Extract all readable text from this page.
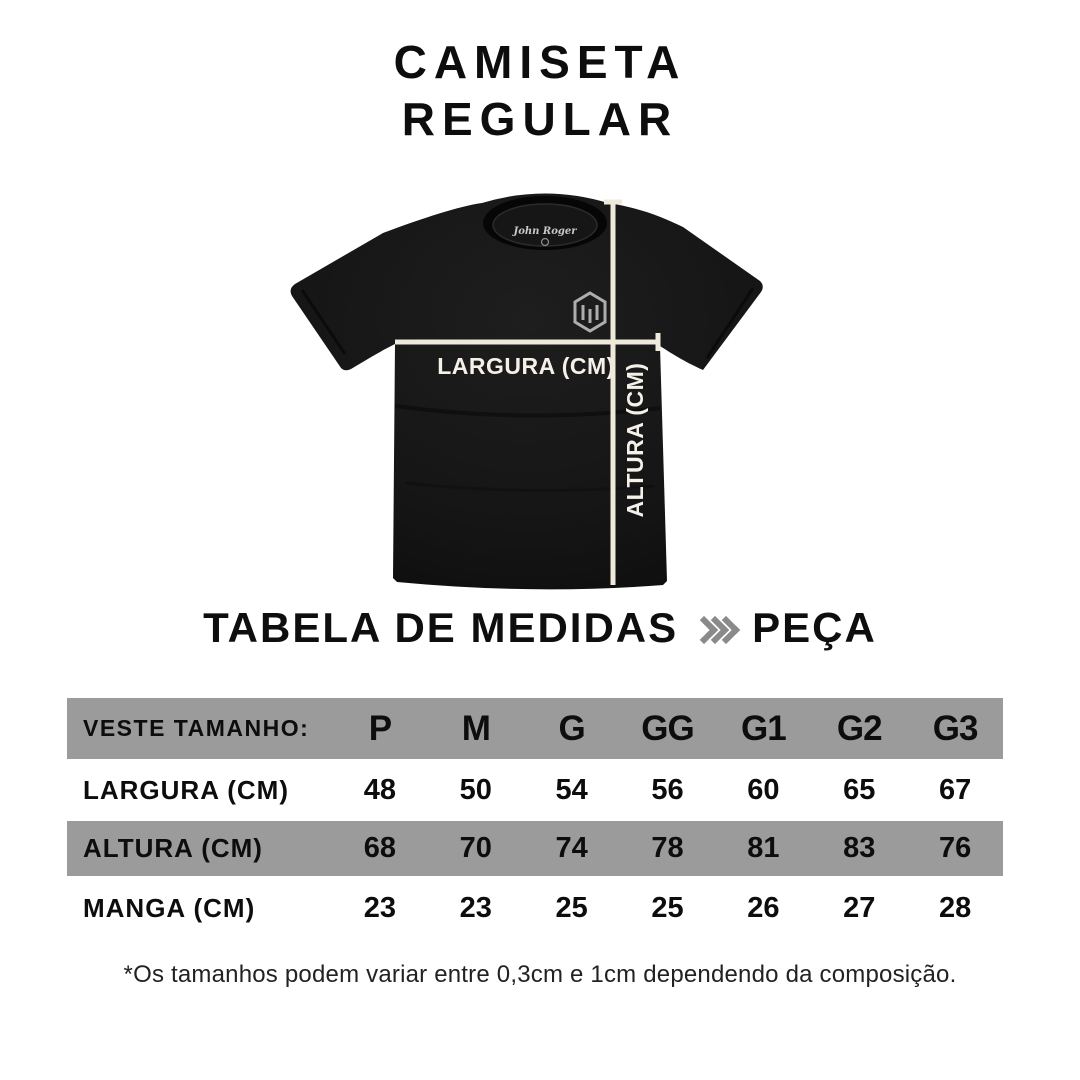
CAMISETA
REGULAR
John Roger
LARGURA (CM) ALTURA (CM)
TABELA DE MEDIDAS PEÇA
VESTE TAMANHO:	P	M	G	GG	G1	G2	G3
LARGURA (CM)	48	50	54	56	60	65	67
ALTURA (CM)	68	70	74	78	81	83	76
MANGA (CM)	23	23	25	25	26	27	28
*Os tamanhos podem variar entre 0,3cm e 1cm dependendo da composição.
